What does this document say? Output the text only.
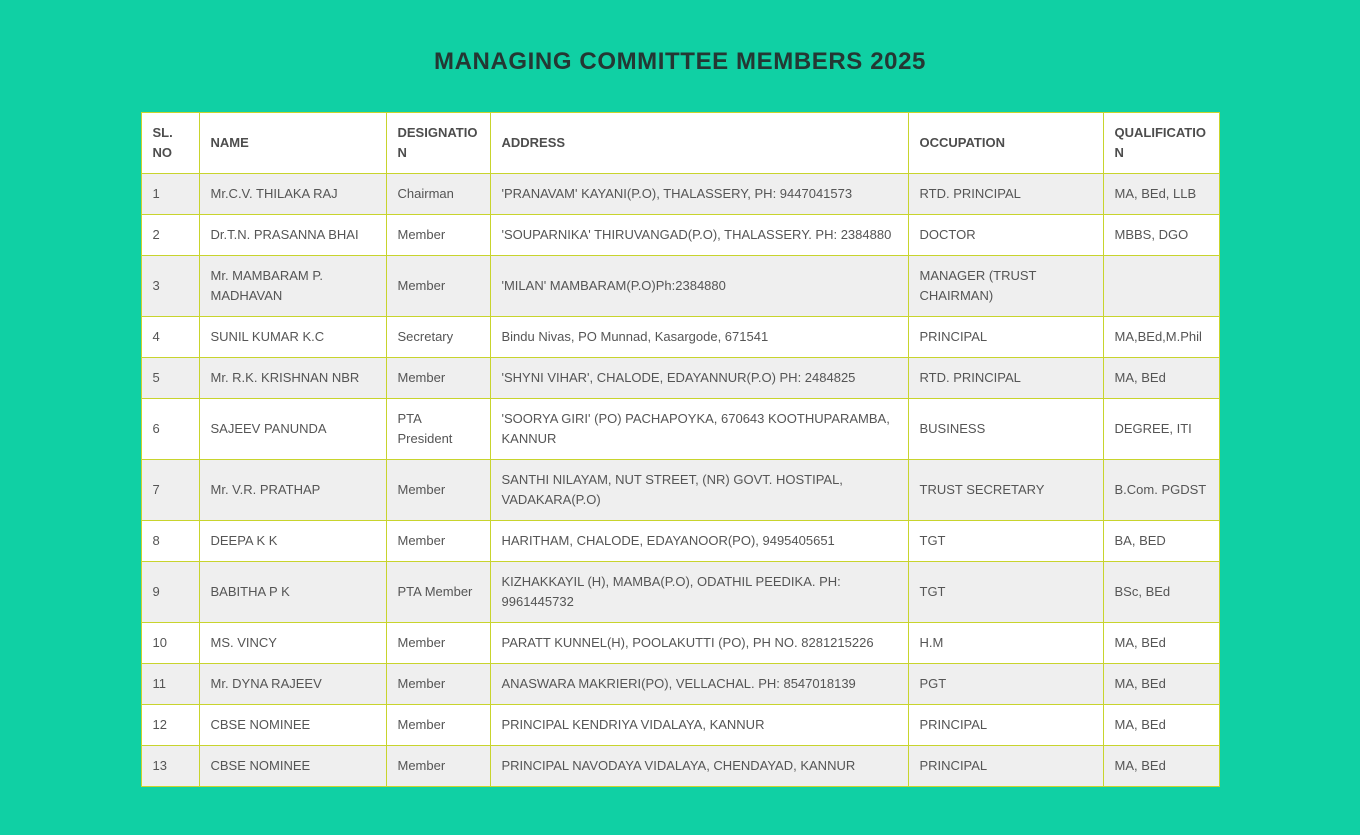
MANAGING COMMITTEE MEMBERS 2025
SL. NO	NAME	DESIGNATION	ADDRESS	OCCUPATION	QUALIFICATION
1	Mr.C.V. THILAKA RAJ	Chairman	'PRANAVAM' KAYANI(P.O), THALASSERY, PH: 9447041573	RTD. PRINCIPAL	MA, BEd, LLB
2	Dr.T.N. PRASANNA BHAI	Member	'SOUPARNIKA' THIRUVANGAD(P.O), THALASSERY. PH: 2384880	DOCTOR	MBBS, DGO
3	Mr. MAMBARAM P. MADHAVAN	Member	'MILAN' MAMBARAM(P.O)Ph:2384880	MANAGER (TRUST CHAIRMAN)	
4	SUNIL KUMAR K.C	Secretary	Bindu Nivas, PO Munnad, Kasargode, 671541	PRINCIPAL	MA,BEd,M.Phil
5	Mr. R.K. KRISHNAN NBR	Member	'SHYNI VIHAR', CHALODE, EDAYANNUR(P.O) PH: 2484825	RTD. PRINCIPAL	MA, BEd
6	SAJEEV PANUNDA	PTA President	'SOORYA GIRI' (PO) PACHAPOYKA, 670643 KOOTHUPARAMBA, KANNUR	BUSINESS	DEGREE, ITI
7	Mr. V.R. PRATHAP	Member	SANTHI NILAYAM, NUT STREET, (NR) GOVT. HOSTIPAL, VADAKARA(P.O)	TRUST SECRETARY	B.Com. PGDST
8	DEEPA K K	Member	HARITHAM, CHALODE, EDAYANOOR(PO), 9495405651	TGT	BA, BED
9	BABITHA P K	PTA Member	KIZHAKKAYIL (H), MAMBA(P.O), ODATHIL PEEDIKA. PH: 9961445732	TGT	BSc, BEd
10	MS. VINCY	Member	PARATT KUNNEL(H), POOLAKUTTI (PO), PH NO. 8281215226	H.M	MA, BEd
11	Mr. DYNA RAJEEV	Member	ANASWARA MAKRIERI(PO), VELLACHAL. PH: 8547018139	PGT	MA, BEd
12	CBSE NOMINEE	Member	PRINCIPAL KENDRIYA VIDALAYA, KANNUR	PRINCIPAL	MA, BEd
13	CBSE NOMINEE	Member	PRINCIPAL NAVODAYA VIDALAYA, CHENDAYAD, KANNUR	PRINCIPAL	MA, BEd
